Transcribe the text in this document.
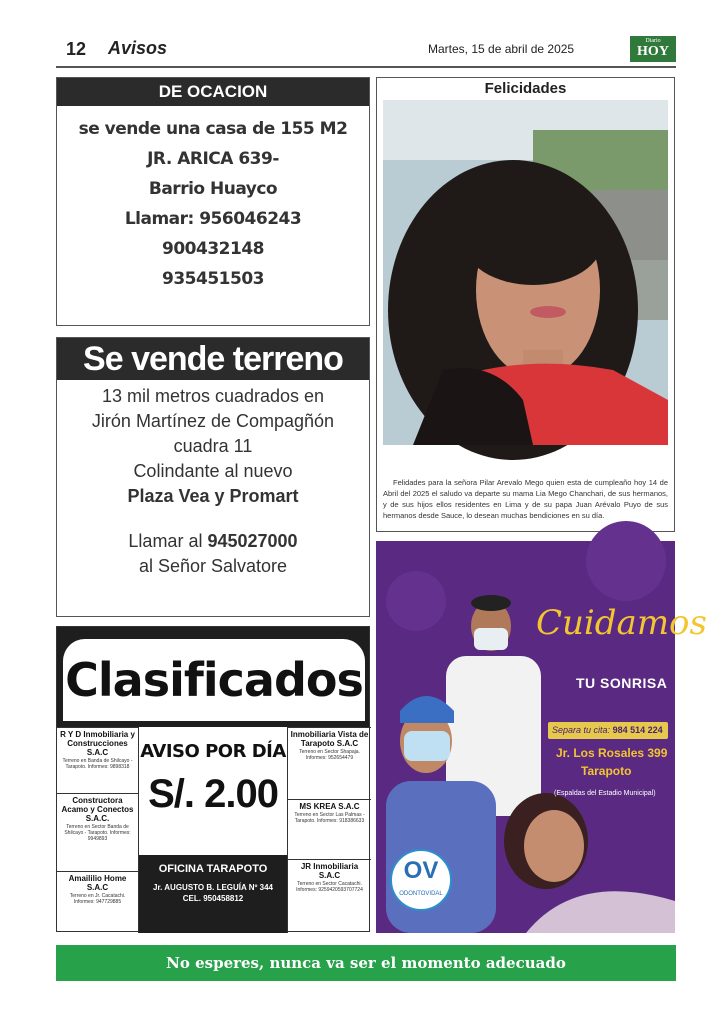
12 Avisos	Martes, 15 de abril de 2025
Diario
HOY
DE OCACION
se vende una casa de 155 M2
JR. ARICA 639-
Barrio Huayco
Llamar: 956046243
900432148
935451503
Se vende terreno
13 mil metros cuadrados en
Jirón Martínez de Compagñón
cuadra 11
Colindante al nuevo
Plaza Vea y Promart
Llamar al 945027000
al Señor Salvatore
Clasificados
R Y D Inmobiliaria y Construcciones S.A.C
Terreno en Banda de Shilcayo - Tarapoto. Informes: 9898318
Constructora Acamo y Conectos S.A.C.
Terreno en Sector Banda de Shilcayo - Tarapoto. Informes: 9949893
Amaililio Home S.A.C
Terreno en Jr. Cacatachi. Informes: 947729885
AVISO POR DÍA
S/. 2.00
OFICINA TARAPOTO
Jr. AUGUSTO B. LEGUÍA Nº 344
CEL. 950458812
Inmobiliaria Vista de Tarapoto S.A.C
Terreno en Sector Shapaja. Informes: 952654479
MS KREA S.A.C
Terreno en Sector Las Palmas - Tarapoto. Informes: 918386633
JR Inmobiliaria S.A.C
Terreno en Sector Cacatachi. Informes: 9259420593707724
Felicidades
Felidades para la señora Pilar Arevalo Mego quien esta de cumpleaño hoy 14 de Abril del 2025 el saludo va departe su mama Lia Mego Chanchari, de sus hermanos, y de sus hijos ellos residentes en Lima y de su papa Juan Arévalo Puyo de sus hermanos desde Sauce, lo desean muchas bendiciones en su día.
Cuidamos
TU SONRISA
Separa tu cita: 984 514 224
Jr. Los Rosales 399
Tarapoto
(Espaldas del Estadio Municipal)
OV
ODONTOVIDAL
No esperes, nunca va ser el momento adecuado
